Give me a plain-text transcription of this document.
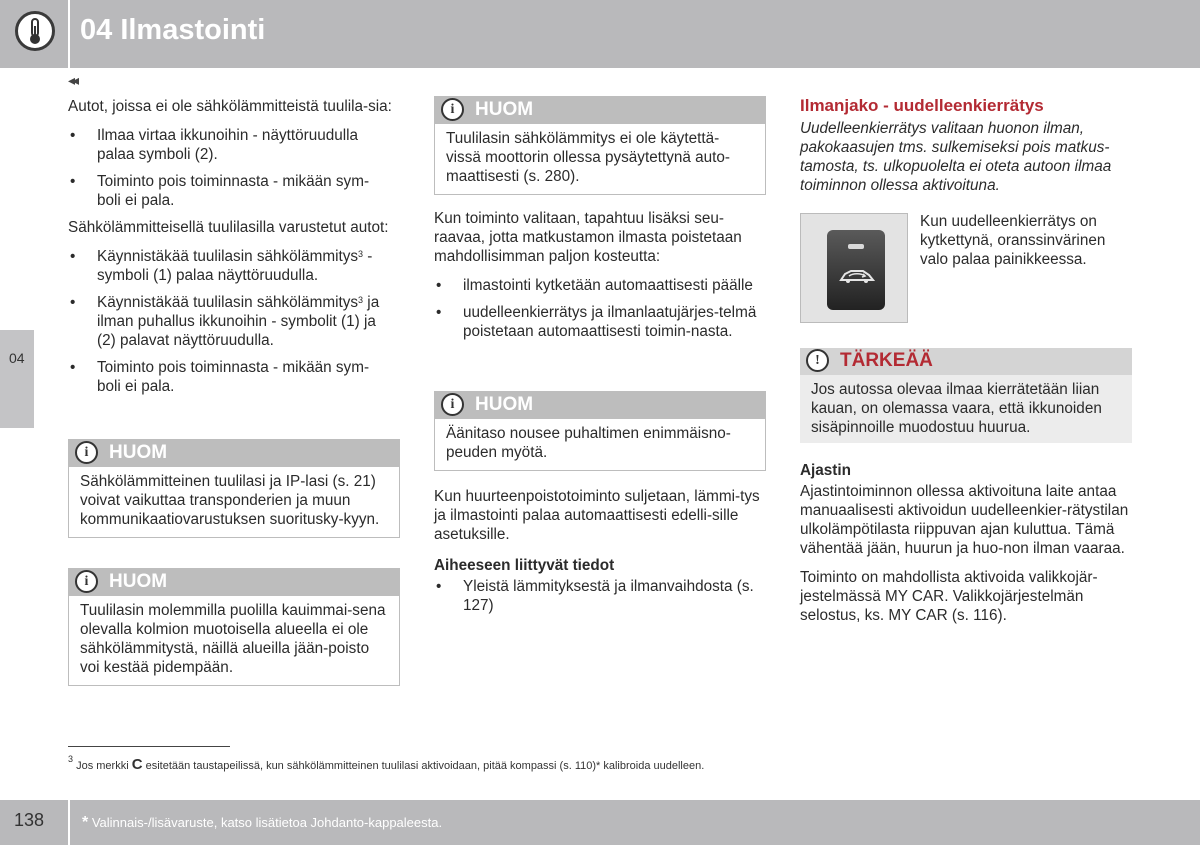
04 Ilmastointi
◂◂
04

Autot, joissa ei ole sähkölämmitteistä tuulila-sia:

• Ilmaa virtaa ikkunoihin - näyttöruudulla palaa symboli (2).
• Toiminto pois toiminnasta - mikään sym-boli ei pala.

Sähkölämmitteisellä tuulilasilla varustetut autot:

• Käynnistäkää tuulilasin sähkölämmitys$^3$ -symboli (1) palaa näyttöruudulla.
• Käynnistäkää tuulilasin sähkölämmitys$^3$ ja ilman puhallus ikkunoihin - symbolit (1) ja (2) palavat näyttöruudulla.
• Toiminto pois toiminnasta - mikään sym-boli ei pala.
i	HUOM
Sähkölämmitteinen tuulilasi ja IP-lasi (s. 21) voivat vaikuttaa transponderien ja muun kommunikaatiovarustuksen suoritusky-kyyn.
i	HUOM
Tuulilasin molemmilla puolilla kauimmai-sena olevalla kolmion muotoisella alueella ei ole sähkölämmitystä, näillä alueilla jään-poisto voi kestää pidempään.
i	HUOM
Tuulilasin sähkölämmitys ei ole käytettä-vissä moottorin ollessa pysäytettynä auto-maattisesti (s. 280).

Kun toiminto valitaan, tapahtuu lisäksi seu-raavaa, jotta matkustamon ilmasta poistetaan mahdollisimman paljon kosteutta:

• ilmastointi kytketään automaattisesti päälle
• uudelleenkierrätys ja ilmanlaatujärjes-telmä poistetaan automaattisesti toimin-nasta.
i	HUOM
Äänitaso nousee puhaltimen enimmäisno-peuden myötä.

Kun huurteenpoistotoiminto suljetaan, lämmi-tys ja ilmastointi palaa automaattisesti edelli-sille asetuksille.

Aiheeseen liittyvät tiedot
• Yleistä lämmityksestä ja ilmanvaihdosta (s. 127)
Ilmanjako - uudelleenkierrätys

Uudelleenkierrätys valitaan huonon ilman, pakokaasujen tms. sulkemiseksi pois matkus-tamosta, ts. ulkopuolelta ei oteta autoon ilmaa toiminnon ollessa aktivoituna.

Kun uudelleenkierrätys on kytkettynä, oranssinvärinen valo palaa painikkeessa.

!	TÄRKEÄÄ
Jos autossa olevaa ilmaa kierrätetään liian kauan, on olemassa vaara, että ikkunoiden sisäpinnoille muodostuu huurua.
Ajastin

Ajastintoiminnon ollessa aktivoituna laite antaa manuaalisesti aktivoidun uudelleenkier-rätystilan ulkolämpötilasta riippuvan ajan kuluttua. Tämä vähentää jään, huurun ja huo-non ilman vaaraa.

Toiminto on mahdollista aktivoida valikkojär-jestelmässä MY CAR. Valikkojärjestelmän selostus, ks. MY CAR (s. 116).

$^3$ Jos merkki C esitetään taustapeilissä, kun sähkölämmitteinen tuulilasi aktivoidaan, pitää kompassi (s. 110)* kalibroida uudelleen.
138 * Valinnais-/lisävaruste, katso lisätietoa Johdanto-kappaleesta.
